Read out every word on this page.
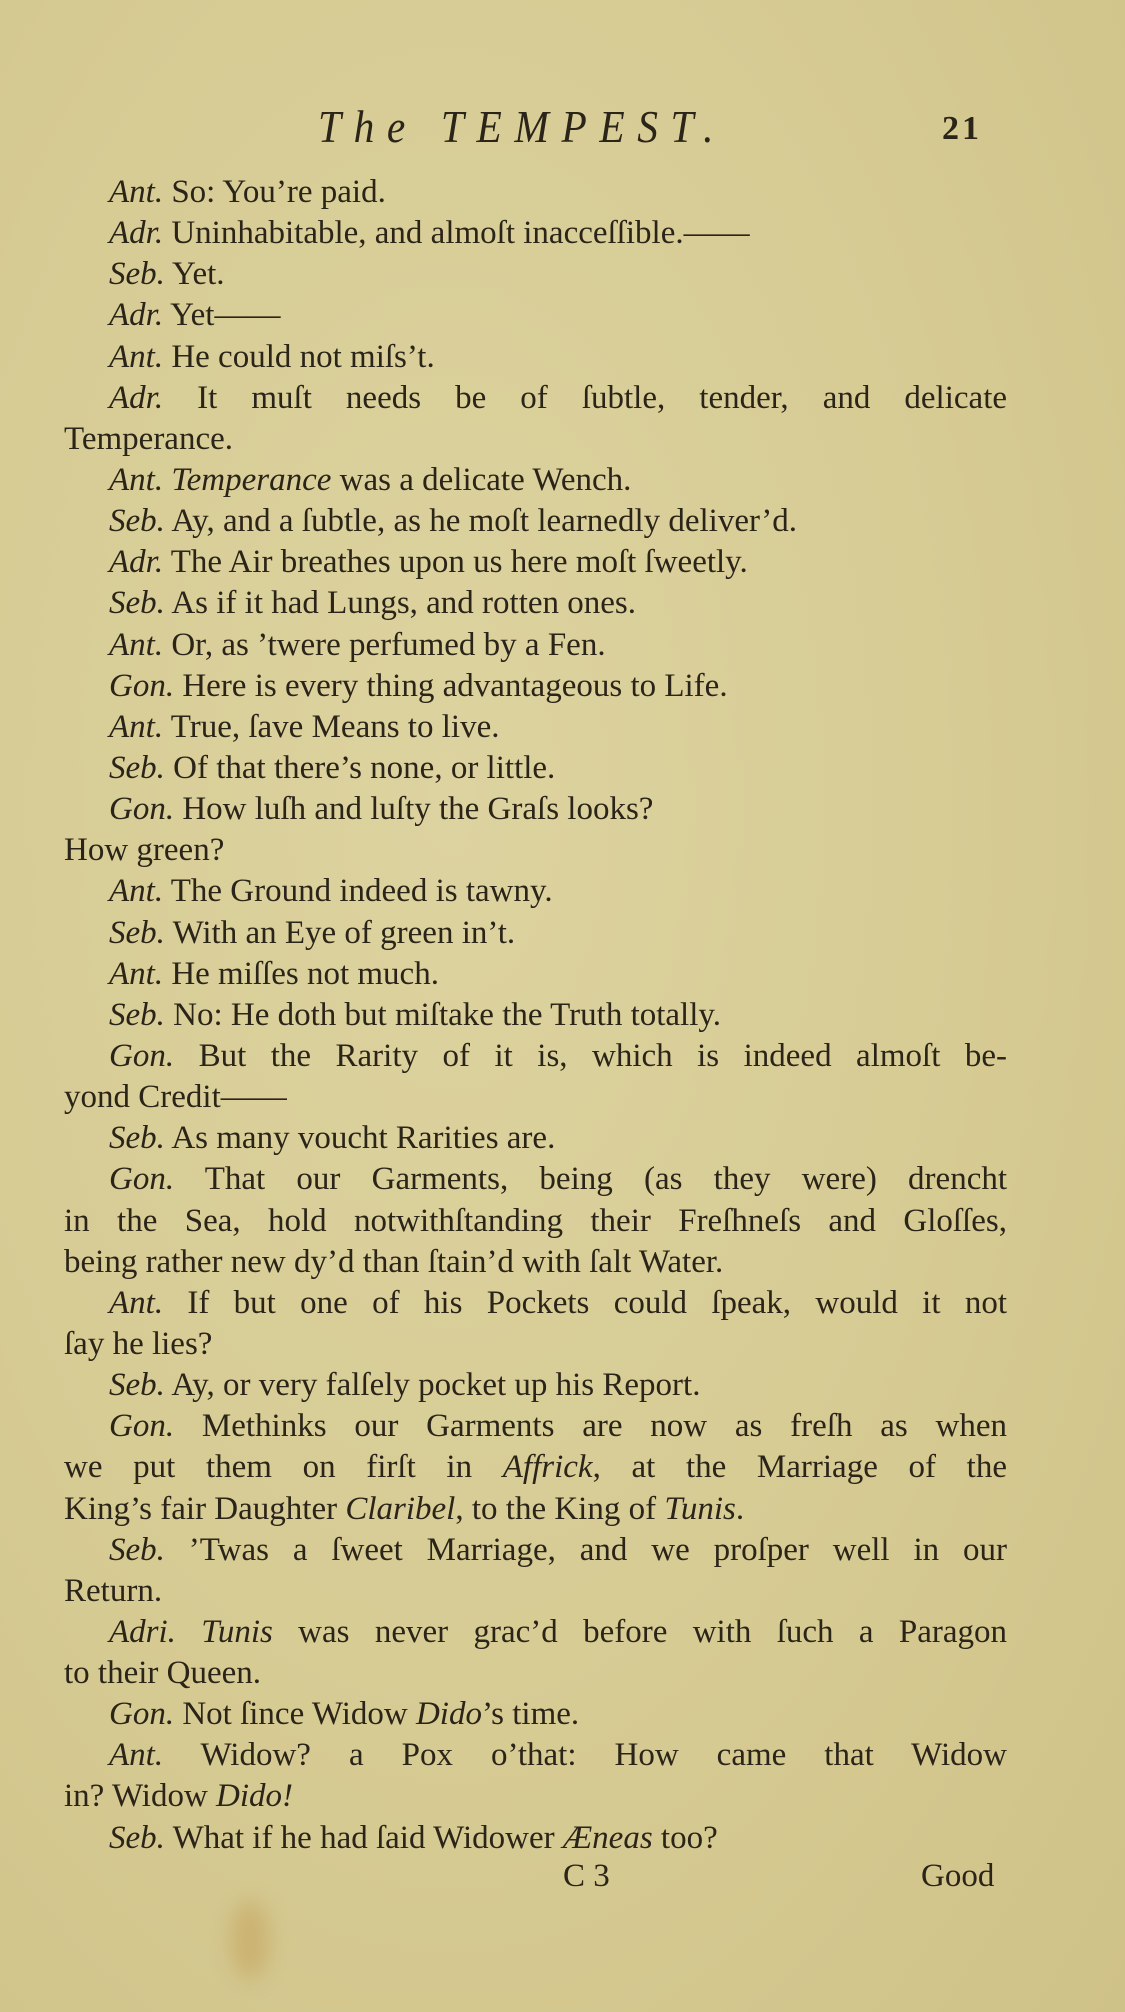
The TEMPEST.	21
Ant. So: You’re paid.
Adr. Uninhabitable, and almoſt inacceſſible.——
Seb. Yet.
Adr. Yet——
Ant. He could not miſs’t.
Adr. It muſt needs be of ſubtle, tender, and delicate
Temperance.
Ant. Temperance was a delicate Wench.
Seb. Ay, and a ſubtle, as he moſt learnedly deliver’d.
Adr. The Air breathes upon us here moſt ſweetly.
Seb. As if it had Lungs, and rotten ones.
Ant. Or, as ’twere perfumed by a Fen.
Gon. Here is every thing advantageous to Life.
Ant. True, ſave Means to live.
Seb. Of that there’s none, or little.
Gon. How luſh and luſty the Graſs looks?
How green?
Ant. The Ground indeed is tawny.
Seb. With an Eye of green in’t.
Ant. He miſſes not much.
Seb. No: He doth but miſtake the Truth totally.
Gon. But the Rarity of it is, which is indeed almoſt be-
yond Credit——
Seb. As many voucht Rarities are.
Gon. That our Garments, being (as they were) drencht
in the Sea, hold notwithſtanding their Freſhneſs and Gloſſes,
being rather new dy’d than ſtain’d with ſalt Water.
Ant. If but one of his Pockets could ſpeak, would it not
ſay he lies?
Seb. Ay, or very falſely pocket up his Report.
Gon. Methinks our Garments are now as freſh as when
we put them on firſt in Affrick, at the Marriage of the
King’s fair Daughter Claribel, to the King of Tunis.
Seb. ’Twas a ſweet Marriage, and we proſper well in our
Return.
Adri. Tunis was never grac’d before with ſuch a Paragon
to their Queen.
Gon. Not ſince Widow Dido’s time.
Ant. Widow? a Pox o’that: How came that Widow
in? Widow Dido!
Seb. What if he had ſaid Widower Æneas too?
C 3	Good
